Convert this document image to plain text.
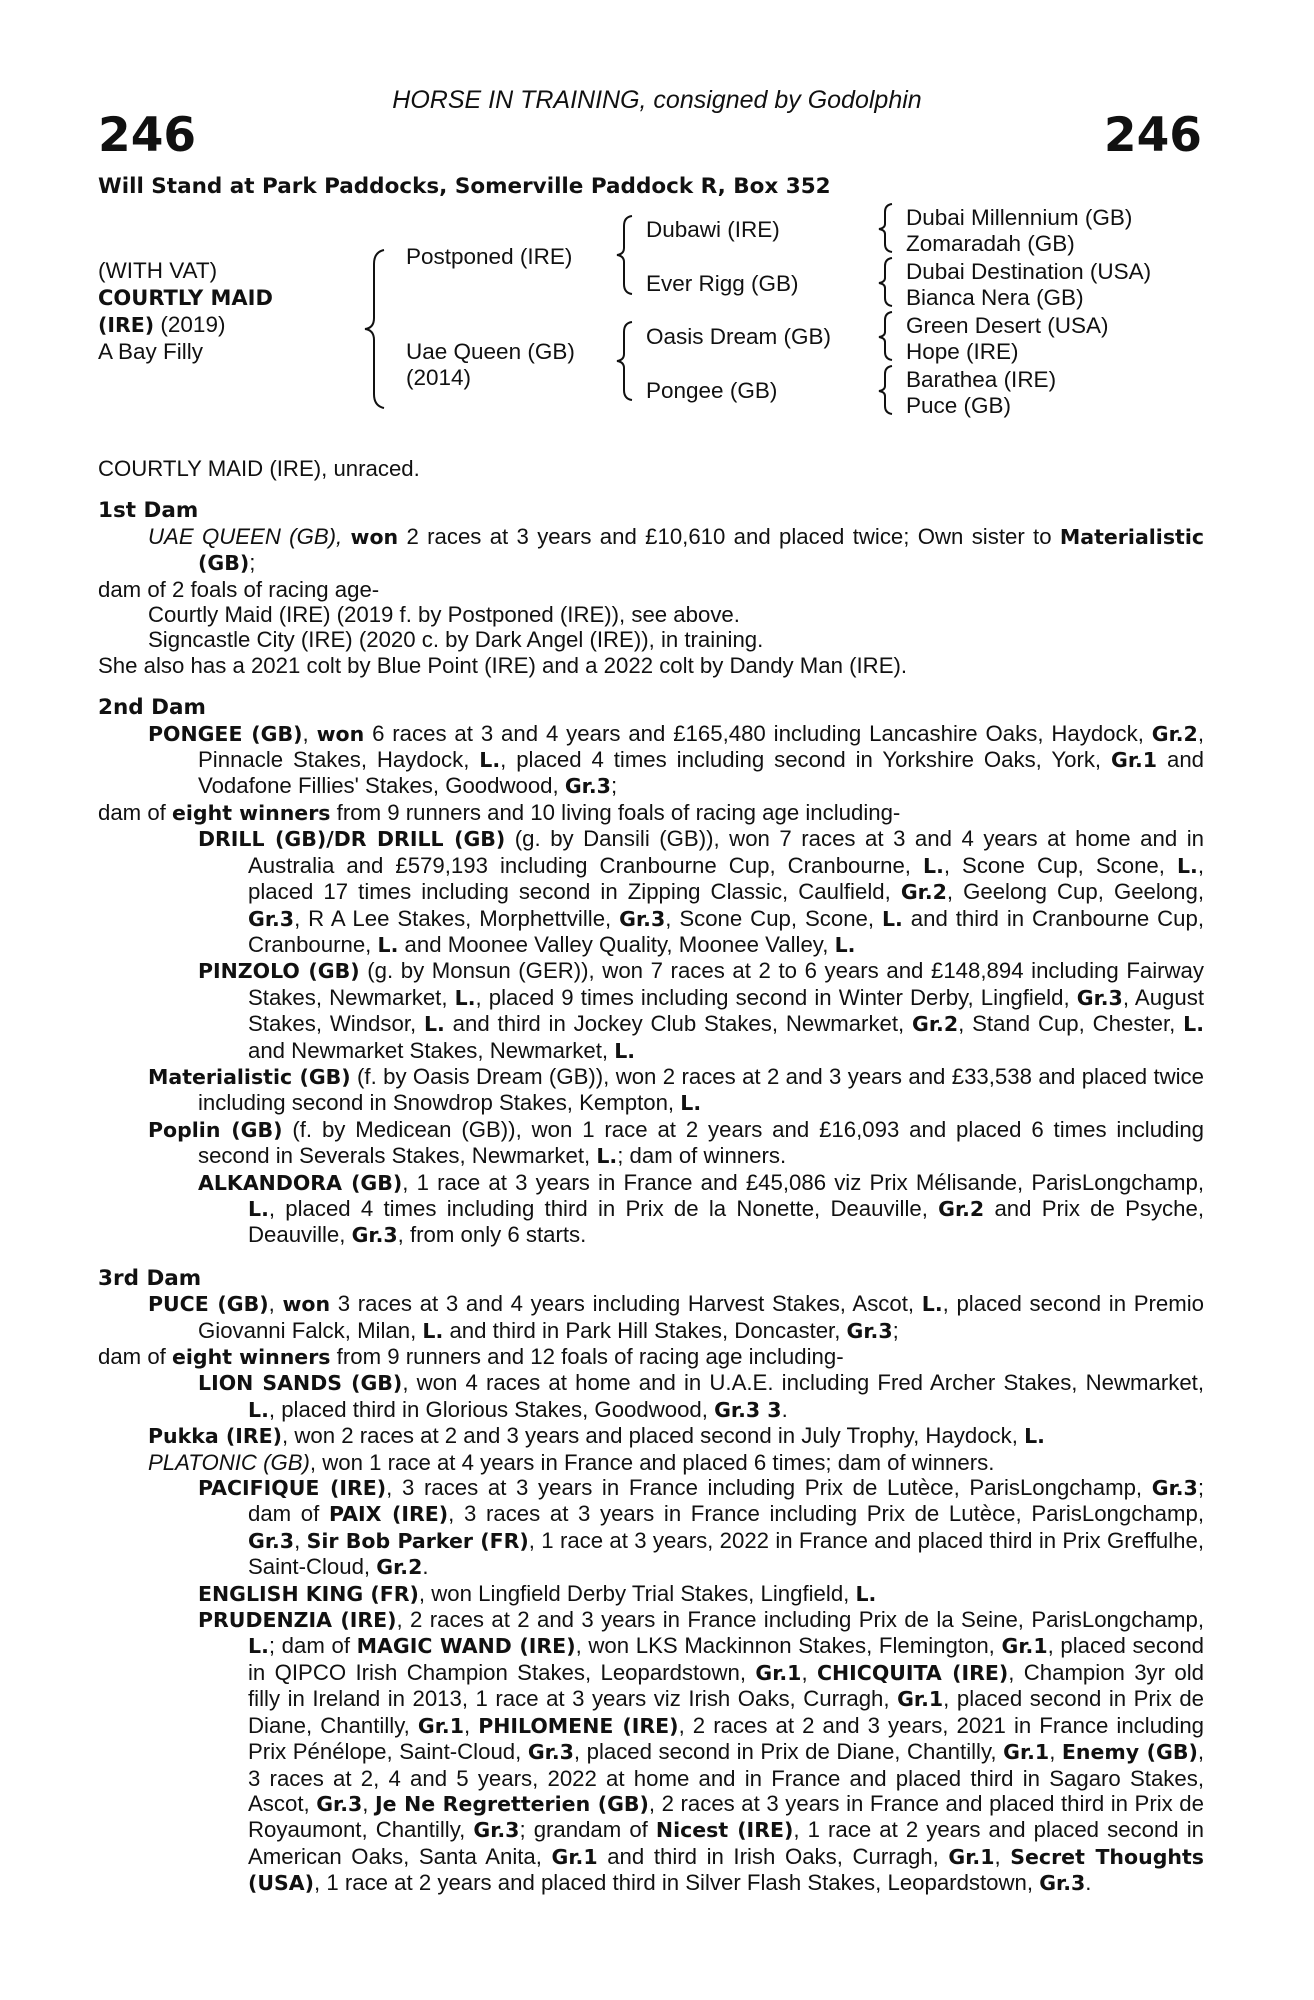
HORSE IN TRAINING, consigned by Godolphin
246	246
Will Stand at Park Paddocks, Somerville Paddock R, Box 352
(WITH VAT)
COURTLY MAID
(IRE) (2019)
A Bay Filly
Postponed (IRE)
Uae Queen (GB)
(2014)
Dubawi (IRE)
Ever Rigg (GB)
Oasis Dream (GB)
Pongee (GB)
Dubai Millennium (GB)
Zomaradah (GB)
Dubai Destination (USA)
Bianca Nera (GB)
Green Desert (USA)
Hope (IRE)
Barathea (IRE)
Puce (GB)

COURTLY MAID (IRE), unraced.

1st Dam

UAE QUEEN (GB), won 2 races at 3 years and £10,610 and placed twice; Own sister to Materialistic (GB);

dam of 2 foals of racing age-

Courtly Maid (IRE) (2019 f. by Postponed (IRE)), see above.

Signcastle City (IRE) (2020 c. by Dark Angel (IRE)), in training.

She also has a 2021 colt by Blue Point (IRE) and a 2022 colt by Dandy Man (IRE).

2nd Dam

PONGEE (GB), won 6 races at 3 and 4 years and £165,480 including Lancashire Oaks, Haydock, Gr.2, Pinnacle Stakes, Haydock, L., placed 4 times including second in Yorkshire Oaks, York, Gr.1 and Vodafone Fillies' Stakes, Goodwood, Gr.3;

dam of eight winners from 9 runners and 10 living foals of racing age including-

DRILL (GB)/DR DRILL (GB) (g. by Dansili (GB)), won 7 races at 3 and 4 years at home and in Australia and £579,193 including Cranbourne Cup, Cranbourne, L., Scone Cup, Scone, L., placed 17 times including second in Zipping Classic, Caulfield, Gr.2, Geelong Cup, Geelong, Gr.3, R A Lee Stakes, Morphettville, Gr.3, Scone Cup, Scone, L. and third in Cranbourne Cup, Cranbourne, L. and Moonee Valley Quality, Moonee Valley, L.

PINZOLO (GB) (g. by Monsun (GER)), won 7 races at 2 to 6 years and £148,894 including Fairway Stakes, Newmarket, L., placed 9 times including second in Winter Derby, Lingfield, Gr.3, August Stakes, Windsor, L. and third in Jockey Club Stakes, Newmarket, Gr.2, Stand Cup, Chester, L. and Newmarket Stakes, Newmarket, L.

Materialistic (GB) (f. by Oasis Dream (GB)), won 2 races at 2 and 3 years and £33,538 and placed twice including second in Snowdrop Stakes, Kempton, L.

Poplin (GB) (f. by Medicean (GB)), won 1 race at 2 years and £16,093 and placed 6 times including second in Severals Stakes, Newmarket, L.; dam of winners.

ALKANDORA (GB), 1 race at 3 years in France and £45,086 viz Prix Mélisande, ParisLongchamp, L., placed 4 times including third in Prix de la Nonette, Deauville, Gr.2 and Prix de Psyche, Deauville, Gr.3, from only 6 starts.

3rd Dam

PUCE (GB), won 3 races at 3 and 4 years including Harvest Stakes, Ascot, L., placed second in Premio Giovanni Falck, Milan, L. and third in Park Hill Stakes, Doncaster, Gr.3;

dam of eight winners from 9 runners and 12 foals of racing age including-

LION SANDS (GB), won 4 races at home and in U.A.E. including Fred Archer Stakes, Newmarket, L., placed third in Glorious Stakes, Goodwood, Gr.3 3.

Pukka (IRE), won 2 races at 2 and 3 years and placed second in July Trophy, Haydock, L.

PLATONIC (GB), won 1 race at 4 years in France and placed 6 times; dam of winners.

PACIFIQUE (IRE), 3 races at 3 years in France including Prix de Lutèce, ParisLongchamp, Gr.3; dam of PAIX (IRE), 3 races at 3 years in France including Prix de Lutèce, ParisLongchamp, Gr.3, Sir Bob Parker (FR), 1 race at 3 years, 2022 in France and placed third in Prix Greffulhe, Saint-Cloud, Gr.2.

ENGLISH KING (FR), won Lingfield Derby Trial Stakes, Lingfield, L.

PRUDENZIA (IRE), 2 races at 2 and 3 years in France including Prix de la Seine, ParisLongchamp, L.; dam of MAGIC WAND (IRE), won LKS Mackinnon Stakes, Flemington, Gr.1, placed second in QIPCO Irish Champion Stakes, Leopardstown, Gr.1, CHICQUITA (IRE), Champion 3yr old filly in Ireland in 2013, 1 race at 3 years viz Irish Oaks, Curragh, Gr.1, placed second in Prix de Diane, Chantilly, Gr.1, PHILOMENE (IRE), 2 races at 2 and 3 years, 2021 in France including Prix Pénélope, Saint-Cloud, Gr.3, placed second in Prix de Diane, Chantilly, Gr.1, Enemy (GB), 3 races at 2, 4 and 5 years, 2022 at home and in France and placed third in Sagaro Stakes, Ascot, Gr.3, Je Ne Regretterien (GB), 2 races at 3 years in France and placed third in Prix de Royaumont, Chantilly, Gr.3; grandam of Nicest (IRE), 1 race at 2 years and placed second in American Oaks, Santa Anita, Gr.1 and third in Irish Oaks, Curragh, Gr.1, Secret Thoughts (USA), 1 race at 2 years and placed third in Silver Flash Stakes, Leopardstown, Gr.3.
